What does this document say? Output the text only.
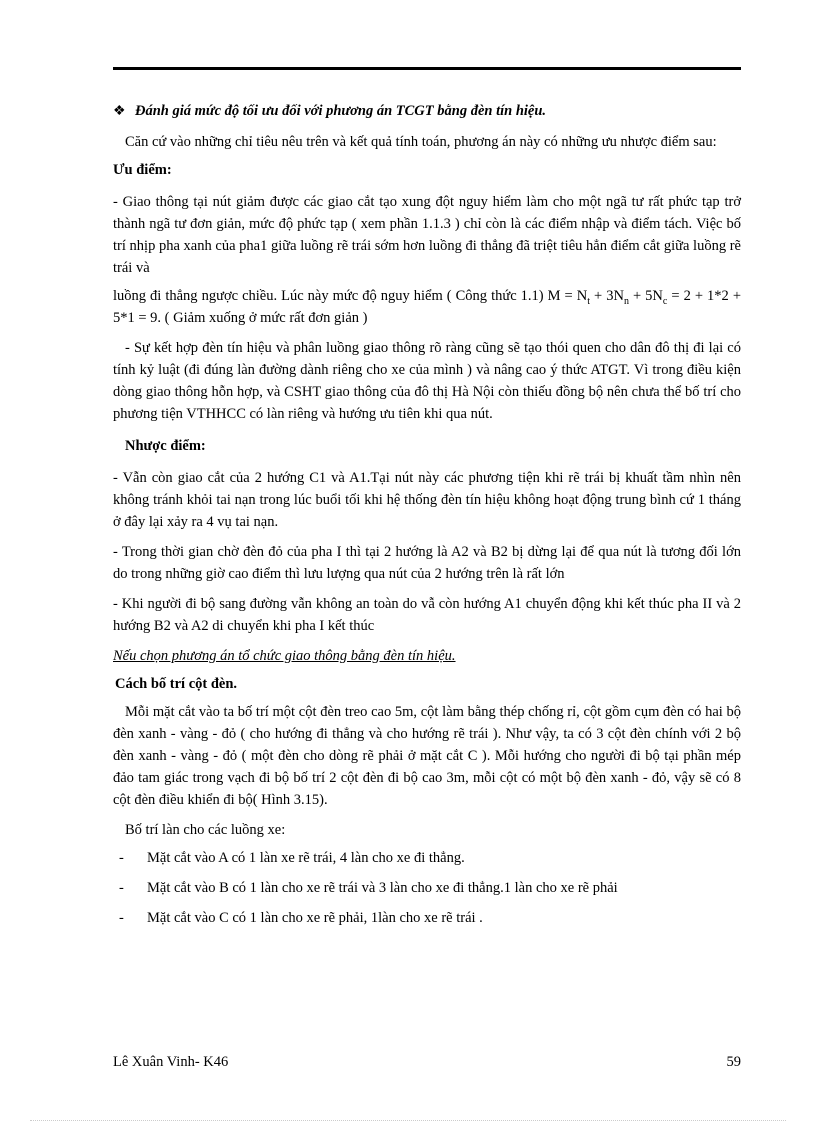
❖ Đánh giá mức độ tối ưu đối với phương án TCGT bằng đèn tín hiệu.

Căn cứ vào những chỉ tiêu nêu trên và kết quả tính toán, phương án này có những ưu nhược điểm sau:

Ưu điểm:

- Giao thông tại nút giảm được các giao cắt tạo xung đột nguy hiểm làm cho một ngã tư rất phức tạp trở thành ngã tư đơn giản, mức độ phức tạp ( xem phần 1.1.3 ) chỉ còn là các điểm nhập và điểm tách. Việc bố trí nhịp pha xanh của pha1 giữa luồng rẽ trái sớm hơn luồng đi thẳng đã triệt tiêu hẳn điểm cắt giữa luồng rẽ trái và

luồng đi thẳng ngược chiều. Lúc này mức độ nguy hiểm ( Công thức 1.1) $M = N_t + 3N_n + 5N_c = 2 + 1*2 + 5*1 = 9$. ( Giảm xuống ở mức rất đơn giản )

- Sự kết hợp đèn tín hiệu và phân luồng giao thông rõ ràng cũng sẽ tạo thói quen cho dân đô thị đi lại có tính kỷ luật (đi đúng làn đường dành riêng cho xe của mình ) và nâng cao ý thức ATGT. Vì trong điều kiện dòng giao thông hỗn hợp, và CSHT giao thông của đô thị Hà Nội còn thiếu đồng bộ nên chưa thể bố trí cho phương tiện VTHHCC có làn riêng và hướng ưu tiên khi qua nút.

Nhược điểm:

- Vẫn còn giao cắt của 2 hướng C1 và A1.Tại nút này các phương tiện khi rẽ trái bị khuất tầm nhìn nên không tránh khỏi tai nạn trong lúc buổi tối khi hệ thống đèn tín hiệu không hoạt động trung bình cứ 1 tháng ở đây lại xảy ra 4 vụ tai nạn.

- Trong thời gian chờ đèn đỏ của pha I thì tại 2 hướng là A2 và B2 bị dừng lại để qua nút là tương đối lớn do trong những giờ cao điểm thì lưu lượng qua nút của 2 hướng trên là rất lớn

- Khi người đi bộ sang đường vẫn không an toàn do vẫ còn hướng A1 chuyển động khi kết thúc pha II và 2 hướng B2 và A2 di chuyển khi pha I kết thúc

Nếu chọn phương án tổ chức giao thông bằng đèn tín hiệu.

Cách bố trí cột đèn.

Mỗi mặt cắt vào ta bố trí một cột đèn treo cao 5m, cột làm bằng thép chống rỉ, cột gồm cụm đèn có hai bộ đèn xanh - vàng - đỏ ( cho hướng đi thẳng và cho hướng rẽ trái ). Như vậy, ta có 3 cột đèn chính với 2 bộ đèn xanh - vàng - đỏ ( một đèn cho dòng rẽ phải ở mặt cắt C ). Mỗi hướng cho người đi bộ tại phần mép đảo tam giác trong vạch đi bộ bố trí 2 cột đèn đi bộ cao 3m, mỗi cột có một bộ đèn xanh - đỏ, vậy sẽ có 8 cột đèn điều khiển đi bộ( Hình 3.15).

Bố trí làn cho các luồng xe:

-	Mặt cắt vào A có 1 làn xe rẽ trái, 4 làn cho xe đi thẳng.
-	Mặt cắt vào B có 1 làn cho xe rẽ trái và 3 làn cho xe đi thẳng.1 làn cho xe rẽ phải
-	Mặt cắt vào C có 1 làn cho xe rẽ phải, 1làn cho xe rẽ trái .
Lê Xuân Vinh- K46	59
